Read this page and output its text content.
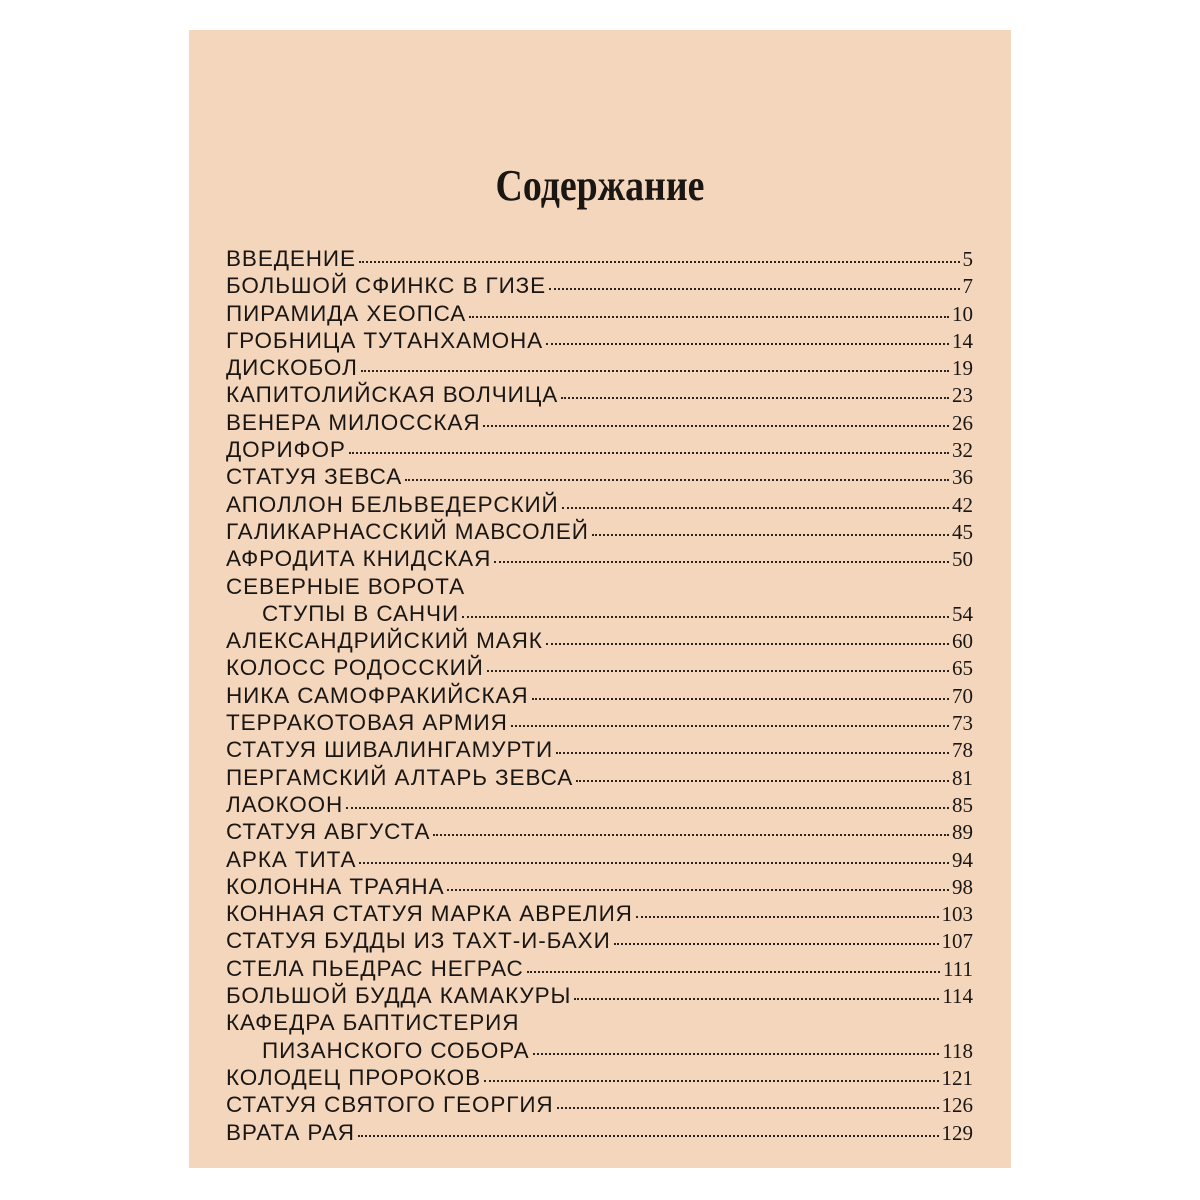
Содержание
ВВЕДЕНИЕ	5
БОЛЬШОЙ СФИНКС В ГИЗЕ	7
ПИРАМИДА ХЕОПСА	10
ГРОБНИЦА ТУТАНХАМОНА	14
ДИСКОБОЛ	19
КАПИТОЛИЙСКАЯ ВОЛЧИЦА	23
ВЕНЕРА МИЛОССКАЯ	26
ДОРИФОР	32
СТАТУЯ ЗЕВСА	36
АПОЛЛОН БЕЛЬВЕДЕРСКИЙ	42
ГАЛИКАРНАССКИЙ МАВСОЛЕЙ	45
АФРОДИТА КНИДСКАЯ	50
СЕВЕРНЫЕ ВОРОТА
СТУПЫ В САНЧИ	54
АЛЕКСАНДРИЙСКИЙ МАЯК	60
КОЛОСС РОДОССКИЙ	65
НИКА САМОФРАКИЙСКАЯ	70
ТЕРРАКОТОВАЯ АРМИЯ	73
СТАТУЯ ШИВАЛИНГАМУРТИ	78
ПЕРГАМСКИЙ АЛТАРЬ ЗЕВСА	81
ЛАОКООН	85
СТАТУЯ АВГУСТА	89
АРКА ТИТА	94
КОЛОННА ТРАЯНА	98
КОННАЯ СТАТУЯ МАРКА АВРЕЛИЯ	103
СТАТУЯ БУДДЫ ИЗ ТАХТ-И-БАХИ	107
СТЕЛА ПЬЕДРАС НЕГРАС	111
БОЛЬШОЙ БУДДА КАМАКУРЫ	114
КАФЕДРА БАПТИСТЕРИЯ
ПИЗАНСКОГО СОБОРА	118
КОЛОДЕЦ ПРОРОКОВ	121
СТАТУЯ СВЯТОГО ГЕОРГИЯ	126
ВРАТА РАЯ	129
